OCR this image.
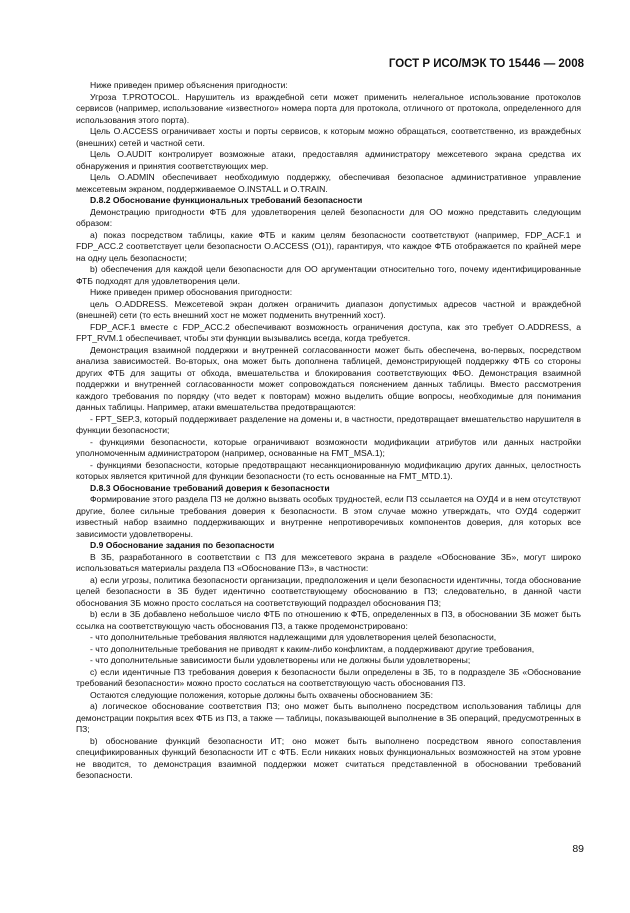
ГОСТ Р ИСО/МЭК ТО 15446 — 2008

Ниже приведен пример объяснения пригодности:

Угроза T.PROTOCOL. Нарушитель из враждебной сети может применить нелегальное использование протоколов сервисов (например, использование «известного» номера порта для протокола, отличного от протокола, определенного для использования этого порта).

Цель O.ACCESS ограничивает хосты и порты сервисов, к которым можно обращаться, соответственно, из враждебных (внешних) сетей и частной сети.

Цель O.AUDIT контролирует возможные атаки, предоставляя администратору межсетевого экрана средства их обнаружения и принятия соответствующих мер.

Цель O.ADMIN обеспечивает необходимую поддержку, обеспечивая безопасное административное управление межсетевым экраном, поддерживаемое O.INSTALL и O.TRAIN.

D.8.2 Обоснование функциональных требований безопасности

Демонстрацию пригодности ФТБ для удовлетворения целей безопасности для ОО можно представить следующим образом:

a) показ посредством таблицы, какие ФТБ и каким целям безопасности соответствуют (например, FDP_ACF.1 и FDP_ACC.2 соответствует цели безопасности O.ACCESS (O1)), гарантируя, что каждое ФТБ отображается по крайней мере на одну цель безопасности;

b) обеспечения для каждой цели безопасности для ОО аргументации относительно того, почему идентифицированные ФТБ подходят для удовлетворения цели.

Ниже приведен пример обоснования пригодности:

цель O.ADDRESS. Межсетевой экран должен ограничить диапазон допустимых адресов частной и враждебной (внешней) сети (то есть внешний хост не может подменить внутренний хост).

FDP_ACF.1 вместе с FDP_ACC.2 обеспечивают возможность ограничения доступа, как это требует O.ADDRESS, а FPT_RVM.1 обеспечивает, чтобы эти функции вызывались всегда, когда требуется.

Демонстрация взаимной поддержки и внутренней согласованности может быть обеспечена, во-первых, посредством анализа зависимостей. Во-вторых, она может быть дополнена таблицей, демонстрирующей поддержку ФТБ со стороны других ФТБ для защиты от обхода, вмешательства и блокирования соответствующих ФБО. Демонстрация взаимной поддержки и внутренней согласованности может сопровождаться пояснением данных таблицы. Вместо рассмотрения каждого требования по порядку (что ведет к повторам) можно выделить общие вопросы, необходимые для понимания данных таблицы. Например, атаки вмешательства предотвращаются:

- FPT_SEP.3, который поддерживает разделение на домены и, в частности, предотвращает вмешательство нарушителя в функции безопасности;

- функциями безопасности, которые ограничивают возможности модификации атрибутов или данных настройки уполномоченным администратором (например, основанные на FMT_MSA.1);

- функциями безопасности, которые предотвращают несанкционированную модификацию других данных, целостность которых является критичной для функции безопасности (то есть основанные на FMT_MTD.1).

D.8.3 Обоснование требований доверия к безопасности

Формирование этого раздела ПЗ не должно вызвать особых трудностей, если ПЗ ссылается на ОУД4 и в нем отсутствуют другие, более сильные требования доверия к безопасности. В этом случае можно утверждать, что ОУД4 содержит известный набор взаимно поддерживающих и внутренне непротиворечивых компонентов доверия, для которых все зависимости удовлетворены.

D.9 Обоснование задания по безопасности

В ЗБ, разработанного в соответствии с ПЗ для межсетевого экрана в разделе «Обоснование ЗБ», могут широко использоваться материалы раздела ПЗ «Обоснование ПЗ», в частности:

а) если угрозы, политика безопасности организации, предположения и цели безопасности идентичны, тогда обоснование целей безопасности в ЗБ будет идентично соответствующему обоснованию в ПЗ; следовательно, в данной части обоснования ЗБ можно просто сослаться на соответствующий подраздел обоснования ПЗ;

b) если в ЗБ добавлено небольшое число ФТБ по отношению к ФТБ, определенных в ПЗ, в обосновании ЗБ может быть ссылка на соответствующую часть обоснования ПЗ, а также продемонстрировано:

- что дополнительные требования являются надлежащими для удовлетворения целей безопасности,

- что дополнительные требования не приводят к каким-либо конфликтам, а поддерживают другие требования,

- что дополнительные зависимости были удовлетворены или не должны были удовлетворены;

с) если идентичные ПЗ требования доверия к безопасности были определены в ЗБ, то в подразделе ЗБ «Обоснование требований безопасности» можно просто сослаться на соответствующую часть обоснования ПЗ.

Остаются следующие положения, которые должны быть охвачены обоснованием ЗБ:

а) логическое обоснование соответствия ПЗ; оно может быть выполнено посредством использования таблицы для демонстрации покрытия всех ФТБ из ПЗ, а также — таблицы, показывающей выполнение в ЗБ операций, предусмотренных в ПЗ;

b) обоснование функций безопасности ИТ; оно может быть выполнено посредством явного сопоставления спецификированных функций безопасности ИТ с ФТБ. Если никаких новых функциональных возможностей на этом уровне не вводится, то демонстрация взаимной поддержки может считаться представленной в обосновании требований безопасности.

89
